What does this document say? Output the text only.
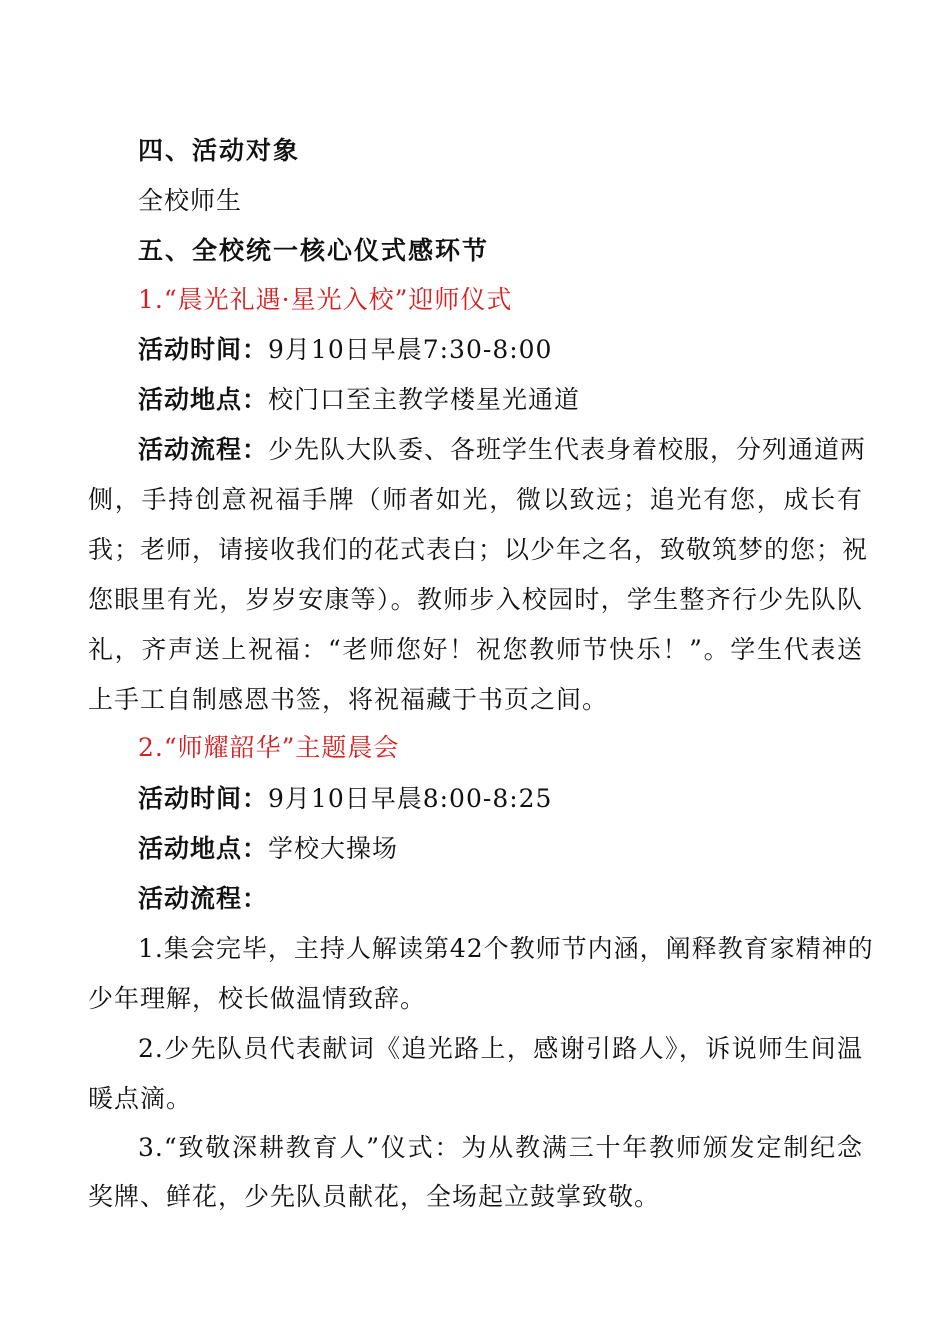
四、活动对象
全校师生
五、全校统一核心仪式感环节
1.“晨光礼遇·星光入校”迎师仪式
活动时间：9月10日早晨7:30-8:00
活动地点：校门口至主教学楼星光通道
活动流程：少先队大队委、各班学生代表身着校服，分列通道两
侧，手持创意祝福手牌（师者如光，微以致远；追光有您，成长有
我；老师，请接收我们的花式表白；以少年之名，致敬筑梦的您；祝
您眼里有光，岁岁安康等）。教师步入校园时，学生整齐行少先队队
礼，齐声送上祝福：“老师您好！祝您教师节快乐！”。学生代表送
上手工自制感恩书签，将祝福藏于书页之间。
2.“师耀韶华”主题晨会
活动时间：9月10日早晨8:00-8:25
活动地点：学校大操场
活动流程：
1.集会完毕，主持人解读第42个教师节内涵，阐释教育家精神的
少年理解，校长做温情致辞。
2.少先队员代表献词《追光路上，感谢引路人》，诉说师生间温
暖点滴。
3.“致敬深耕教育人”仪式：为从教满三十年教师颁发定制纪念
奖牌、鲜花，少先队员献花，全场起立鼓掌致敬。
